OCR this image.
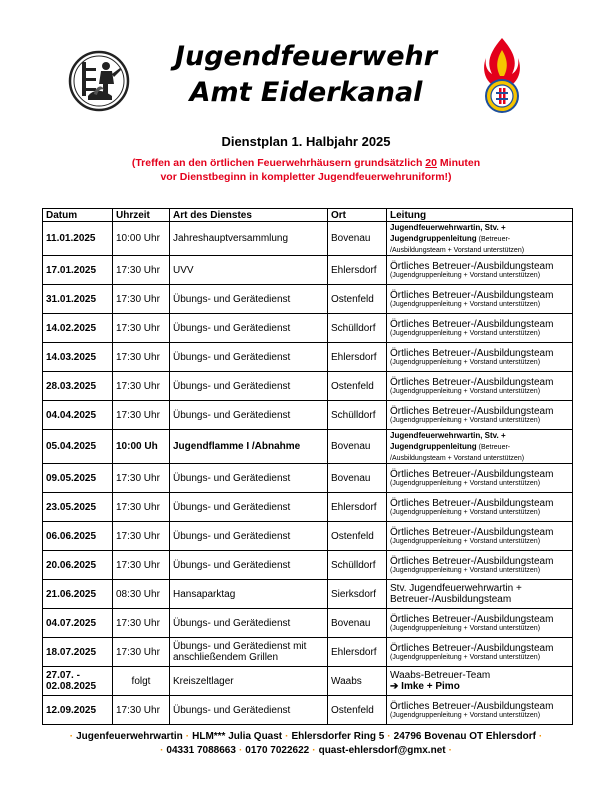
Jugendfeuerwehr
Amt Eiderkanal
Dienstplan 1. Halbjahr 2025
(Treffen an den örtlichen Feuerwehrhäusern grundsätzlich 20 Minuten
vor Dienstbeginn in kompletter Jugendfeuerwehruniform!)
Datum	Uhrzeit	Art des Dienstes	Ort	Leitung
11.01.2025	10:00 Uhr	Jahreshauptversammlung	Bovenau	Jugendfeuerwehrwartin, Stv. +
Jugendgruppenleitung (Betreuer-
/Ausbildungsteam + Vorstand unterstützen)
17.01.2025	17:30 Uhr	UVV	Ehlersdorf	Örtliches Betreuer-/Ausbildungsteam
(Jugendgruppenleitung + Vorstand unterstützen)

31.01.2025	17:30 Uhr	Übungs- und Gerätedienst	Ostenfeld	Örtliches Betreuer-/Ausbildungsteam
(Jugendgruppenleitung + Vorstand unterstützen)

14.02.2025	17:30 Uhr	Übungs- und Gerätedienst	Schülldorf	Örtliches Betreuer-/Ausbildungsteam
(Jugendgruppenleitung + Vorstand unterstützen)

14.03.2025	17:30 Uhr	Übungs- und Gerätedienst	Ehlersdorf	Örtliches Betreuer-/Ausbildungsteam
(Jugendgruppenleitung + Vorstand unterstützen)

28.03.2025	17:30 Uhr	Übungs- und Gerätedienst	Ostenfeld	Örtliches Betreuer-/Ausbildungsteam
(Jugendgruppenleitung + Vorstand unterstützen)

04.04.2025	17:30 Uhr	Übungs- und Gerätedienst	Schülldorf	Örtliches Betreuer-/Ausbildungsteam
(Jugendgruppenleitung + Vorstand unterstützen)

05.04.2025	10:00 Uh	Jugendflamme I /Abnahme	Bovenau	Jugendfeuerwehrwartin, Stv. +
Jugendgruppenleitung (Betreuer-
/Ausbildungsteam + Vorstand unterstützen)
09.05.2025	17:30 Uhr	Übungs- und Gerätedienst	Bovenau	Örtliches Betreuer-/Ausbildungsteam
(Jugendgruppenleitung + Vorstand unterstützen)

23.05.2025	17:30 Uhr	Übungs- und Gerätedienst	Ehlersdorf	Örtliches Betreuer-/Ausbildungsteam
(Jugendgruppenleitung + Vorstand unterstützen)

06.06.2025	17:30 Uhr	Übungs- und Gerätedienst	Ostenfeld	Örtliches Betreuer-/Ausbildungsteam
(Jugendgruppenleitung + Vorstand unterstützen)

20.06.2025	17:30 Uhr	Übungs- und Gerätedienst	Schülldorf	Örtliches Betreuer-/Ausbildungsteam
(Jugendgruppenleitung + Vorstand unterstützen)

21.06.2025	08:30 Uhr	Hansaparktag	Sierksdorf	Stv. Jugendfeuerwehrwartin +
Betreuer-/Ausbildungsteam

04.07.2025	17:30 Uhr	Übungs- und Gerätedienst	Bovenau	Örtliches Betreuer-/Ausbildungsteam
(Jugendgruppenleitung + Vorstand unterstützen)

18.07.2025	17:30 Uhr	Übungs- und Gerätedienst mit anschließendem Grillen	Ehlersdorf	Örtliches Betreuer-/Ausbildungsteam
(Jugendgruppenleitung + Vorstand unterstützen)

27.07. - 02.08.2025	folgt	Kreiszeltlager	Waabs	Waabs-Betreuer-Team
➔ Imke + Pimo
12.09.2025	17:30 Uhr	Übungs- und Gerätedienst	Ostenfeld	Örtliches Betreuer-/Ausbildungsteam
(Jugendgruppenleitung + Vorstand unterstützen)
· Jugenfeuerwehrwartin · HLM*** Julia Quast · Ehlersdorfer Ring 5 · 24796 Bovenau OT Ehlersdorf ·
· 04331 7088663 · 0170 7022622 · quast-ehlersdorf@gmx.net ·
